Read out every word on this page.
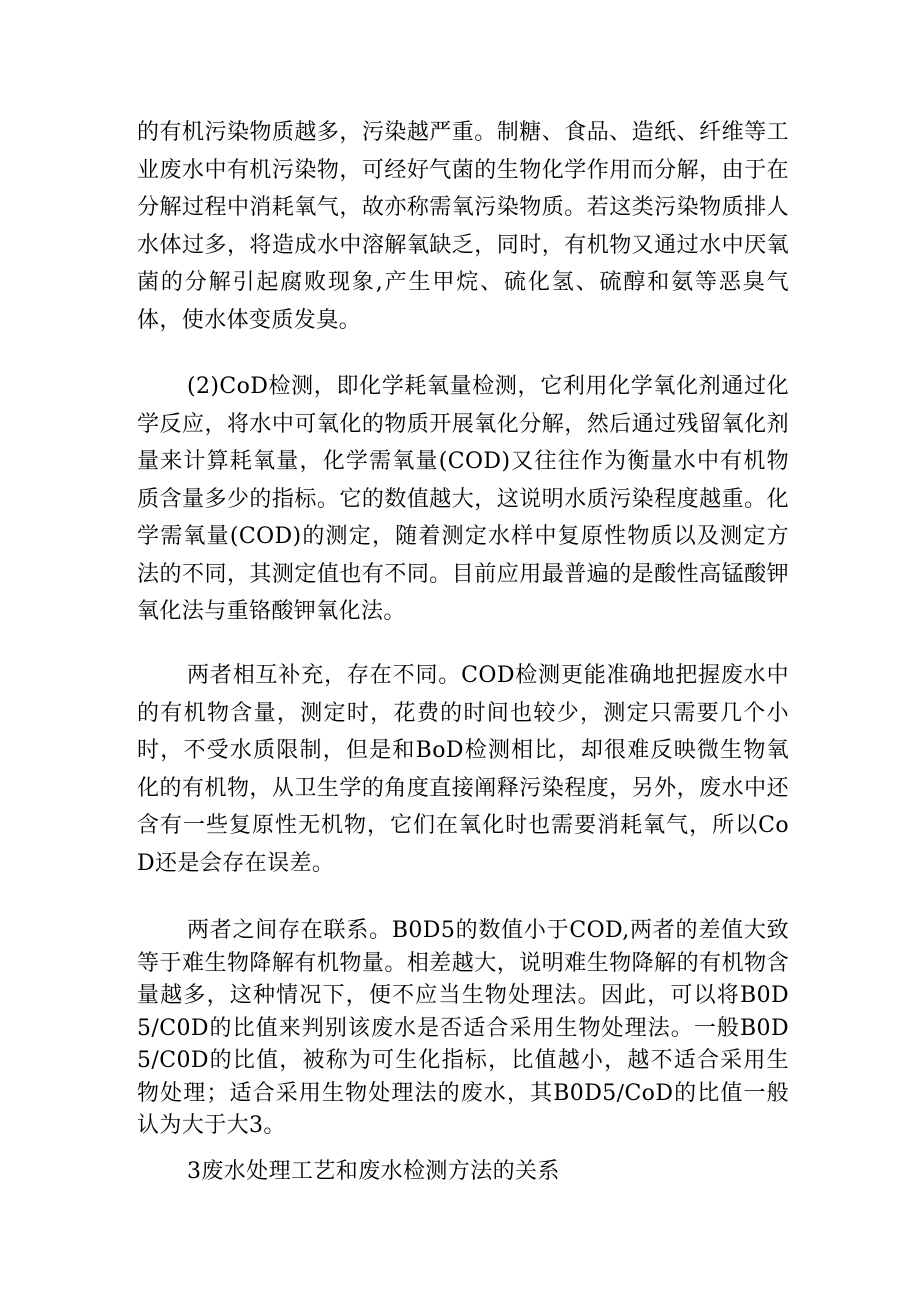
的有机污染物质越多，污染越严重。制糖、食品、造纸、纤维等工业废水中有机污染物，可经好气菌的生物化学作用而分解，由于在分解过程中消耗氧气，故亦称需氧污染物质。若这类污染物质排人水体过多，将造成水中溶解氧缺乏，同时，有机物又通过水中厌氧菌的分解引起腐败现象,产生甲烷、硫化氢、硫醇和氨等恶臭气体，使水体变质发臭。

(2)CoD检测，即化学耗氧量检测，它利用化学氧化剂通过化学反应，将水中可氧化的物质开展氧化分解，然后通过残留氧化剂量来计算耗氧量，化学需氧量(COD)又往往作为衡量水中有机物质含量多少的指标。它的数值越大，这说明水质污染程度越重。化学需氧量(COD)的测定，随着测定水样中复原性物质以及测定方法的不同，其测定值也有不同。目前应用最普遍的是酸性高锰酸钾氧化法与重铬酸钾氧化法。

两者相互补充，存在不同。COD检测更能准确地把握废水中的有机物含量，测定时，花费的时间也较少，测定只需要几个小时，不受水质限制，但是和BoD检测相比，却很难反映微生物氧化的有机物，从卫生学的角度直接阐释污染程度，另外，废水中还含有一些复原性无机物，它们在氧化时也需要消耗氧气，所以CoD还是会存在误差。

两者之间存在联系。B0D5的数值小于COD,两者的差值大致等于难生物降解有机物量。相差越大，说明难生物降解的有机物含量越多，这种情况下，便不应当生物处理法。因此，可以将B0D5/C0D的比值来判别该废水是否适合采用生物处理法。一般B0D5/C0D的比值，被称为可生化指标，比值越小，越不适合采用生物处理；适合采用生物处理法的废水，其B0D5∕CoD的比值一般认为大于大3。

3废水处理工艺和废水检测方法的关系
